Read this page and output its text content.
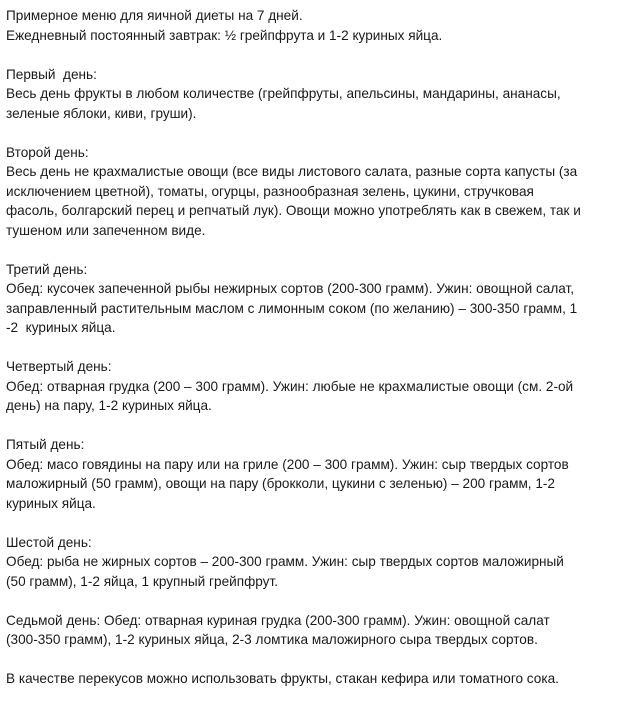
Примерное меню для яичной диеты на 7 дней.
Ежедневный постоянный завтрак: ½ грейпфрута и 1-2 куриных яйца.
Первый  день:
Весь день фрукты в любом количестве (грейпфруты, апельсины, мандарины, ананасы,
зеленые яблоки, киви, груши).
Второй день:
Весь день не крахмалистые овощи (все виды листового салата, разные сорта капусты (за
исключением цветной), томаты, огурцы, разнообразная зелень, цукини, стручковая
фасоль, болгарский перец и репчатый лук). Овощи можно употреблять как в свежем, так и
тушеном или запеченном виде.
Третий день:
Обед: кусочек запеченной рыбы нежирных сортов (200-300 грамм). Ужин: овощной салат,
заправленный растительным маслом с лимонным соком (по желанию) – 300-350 грамм, 1
-2  куриных яйца.
Четвертый день:
Обед: отварная грудка (200 – 300 грамм). Ужин: любые не крахмалистые овощи (см. 2-ой
день) на пару, 1-2 куриных яйца.
Пятый день:
Обед: масо говядины на пару или на гриле (200 – 300 грамм). Ужин: сыр твердых сортов
маложирный (50 грамм), овощи на пару (брокколи, цукини с зеленью) – 200 грамм, 1-2
куриных яйца.
Шестой день:
Обед: рыба не жирных сортов – 200-300 грамм. Ужин: сыр твердых сортов маложирный
(50 грамм), 1-2 яйца, 1 крупный грейпфрут.
Седьмой день: Обед: отварная куриная грудка (200-300 грамм). Ужин: овощной салат
(300-350 грамм), 1-2 куриных яйца, 2-3 ломтика маложирного сыра твердых сортов.
В качестве перекусов можно использовать фрукты, стакан кефира или томатного сока.
